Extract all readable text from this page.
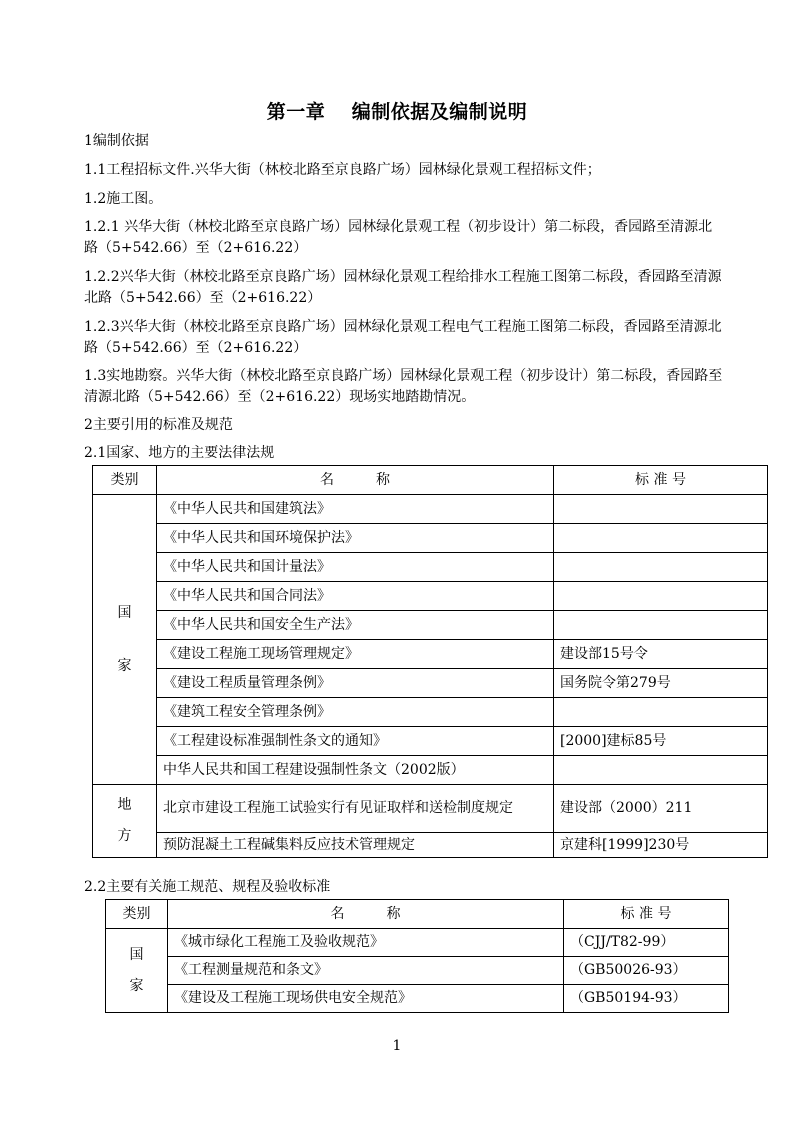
第一章　 编制依据及编制说明

1编制依据

1.1工程招标文件.兴华大街（林校北路至京良路广场）园林绿化景观工程招标文件；

1.2施工图。

1.2.1 兴华大街（林校北路至京良路广场）园林绿化景观工程（初步设计）第二标段，香园路至清源北路（5+542.66）至（2+616.22）

1.2.2兴华大街（林校北路至京良路广场）园林绿化景观工程给排水工程施工图第二标段，香园路至清源北路（5+542.66）至（2+616.22）

1.2.3兴华大街（林校北路至京良路广场）园林绿化景观工程电气工程施工图第二标段，香园路至清源北路（5+542.66）至（2+616.22）

1.3实地勘察。兴华大街（林校北路至京良路广场）园林绿化景观工程（初步设计）第二标段，香园路至清源北路（5+542.66）至（2+616.22）现场实地踏勘情况。

2主要引用的标准及规范

2.1国家、地方的主要法律法规

类别	名　　　称	标 准 号

国
家	《中华人民共和国建筑法》	
	《中华人民共和国环境保护法》	
	《中华人民共和国计量法》	
	《中华人民共和国合同法》	
	《中华人民共和国安全生产法》	
	《建设工程施工现场管理规定》	建设部15号令
	《建设工程质量管理条例》	国务院令第279号
	《建筑工程安全管理条例》	
	《工程建设标准强制性条文的通知》	[2000]建标85号
	中华人民共和国工程建设强制性条文（2002版）	

地
方	北京市建设工程施工试验实行有见证取样和送检制度规定	建设部（2000）211
	预防混凝土工程碱集料反应技术管理规定	京建科[1999]230号

2.2主要有关施工规范、规程及验收标准

类别	名　　　称	标 准 号

国
家	《城市绿化工程施工及验收规范》	（CJJ/T82-99）
	《工程测量规范和条文》	（GB50026-93）
	《建设及工程施工现场供电安全规范》	（GB50194-93）
1
